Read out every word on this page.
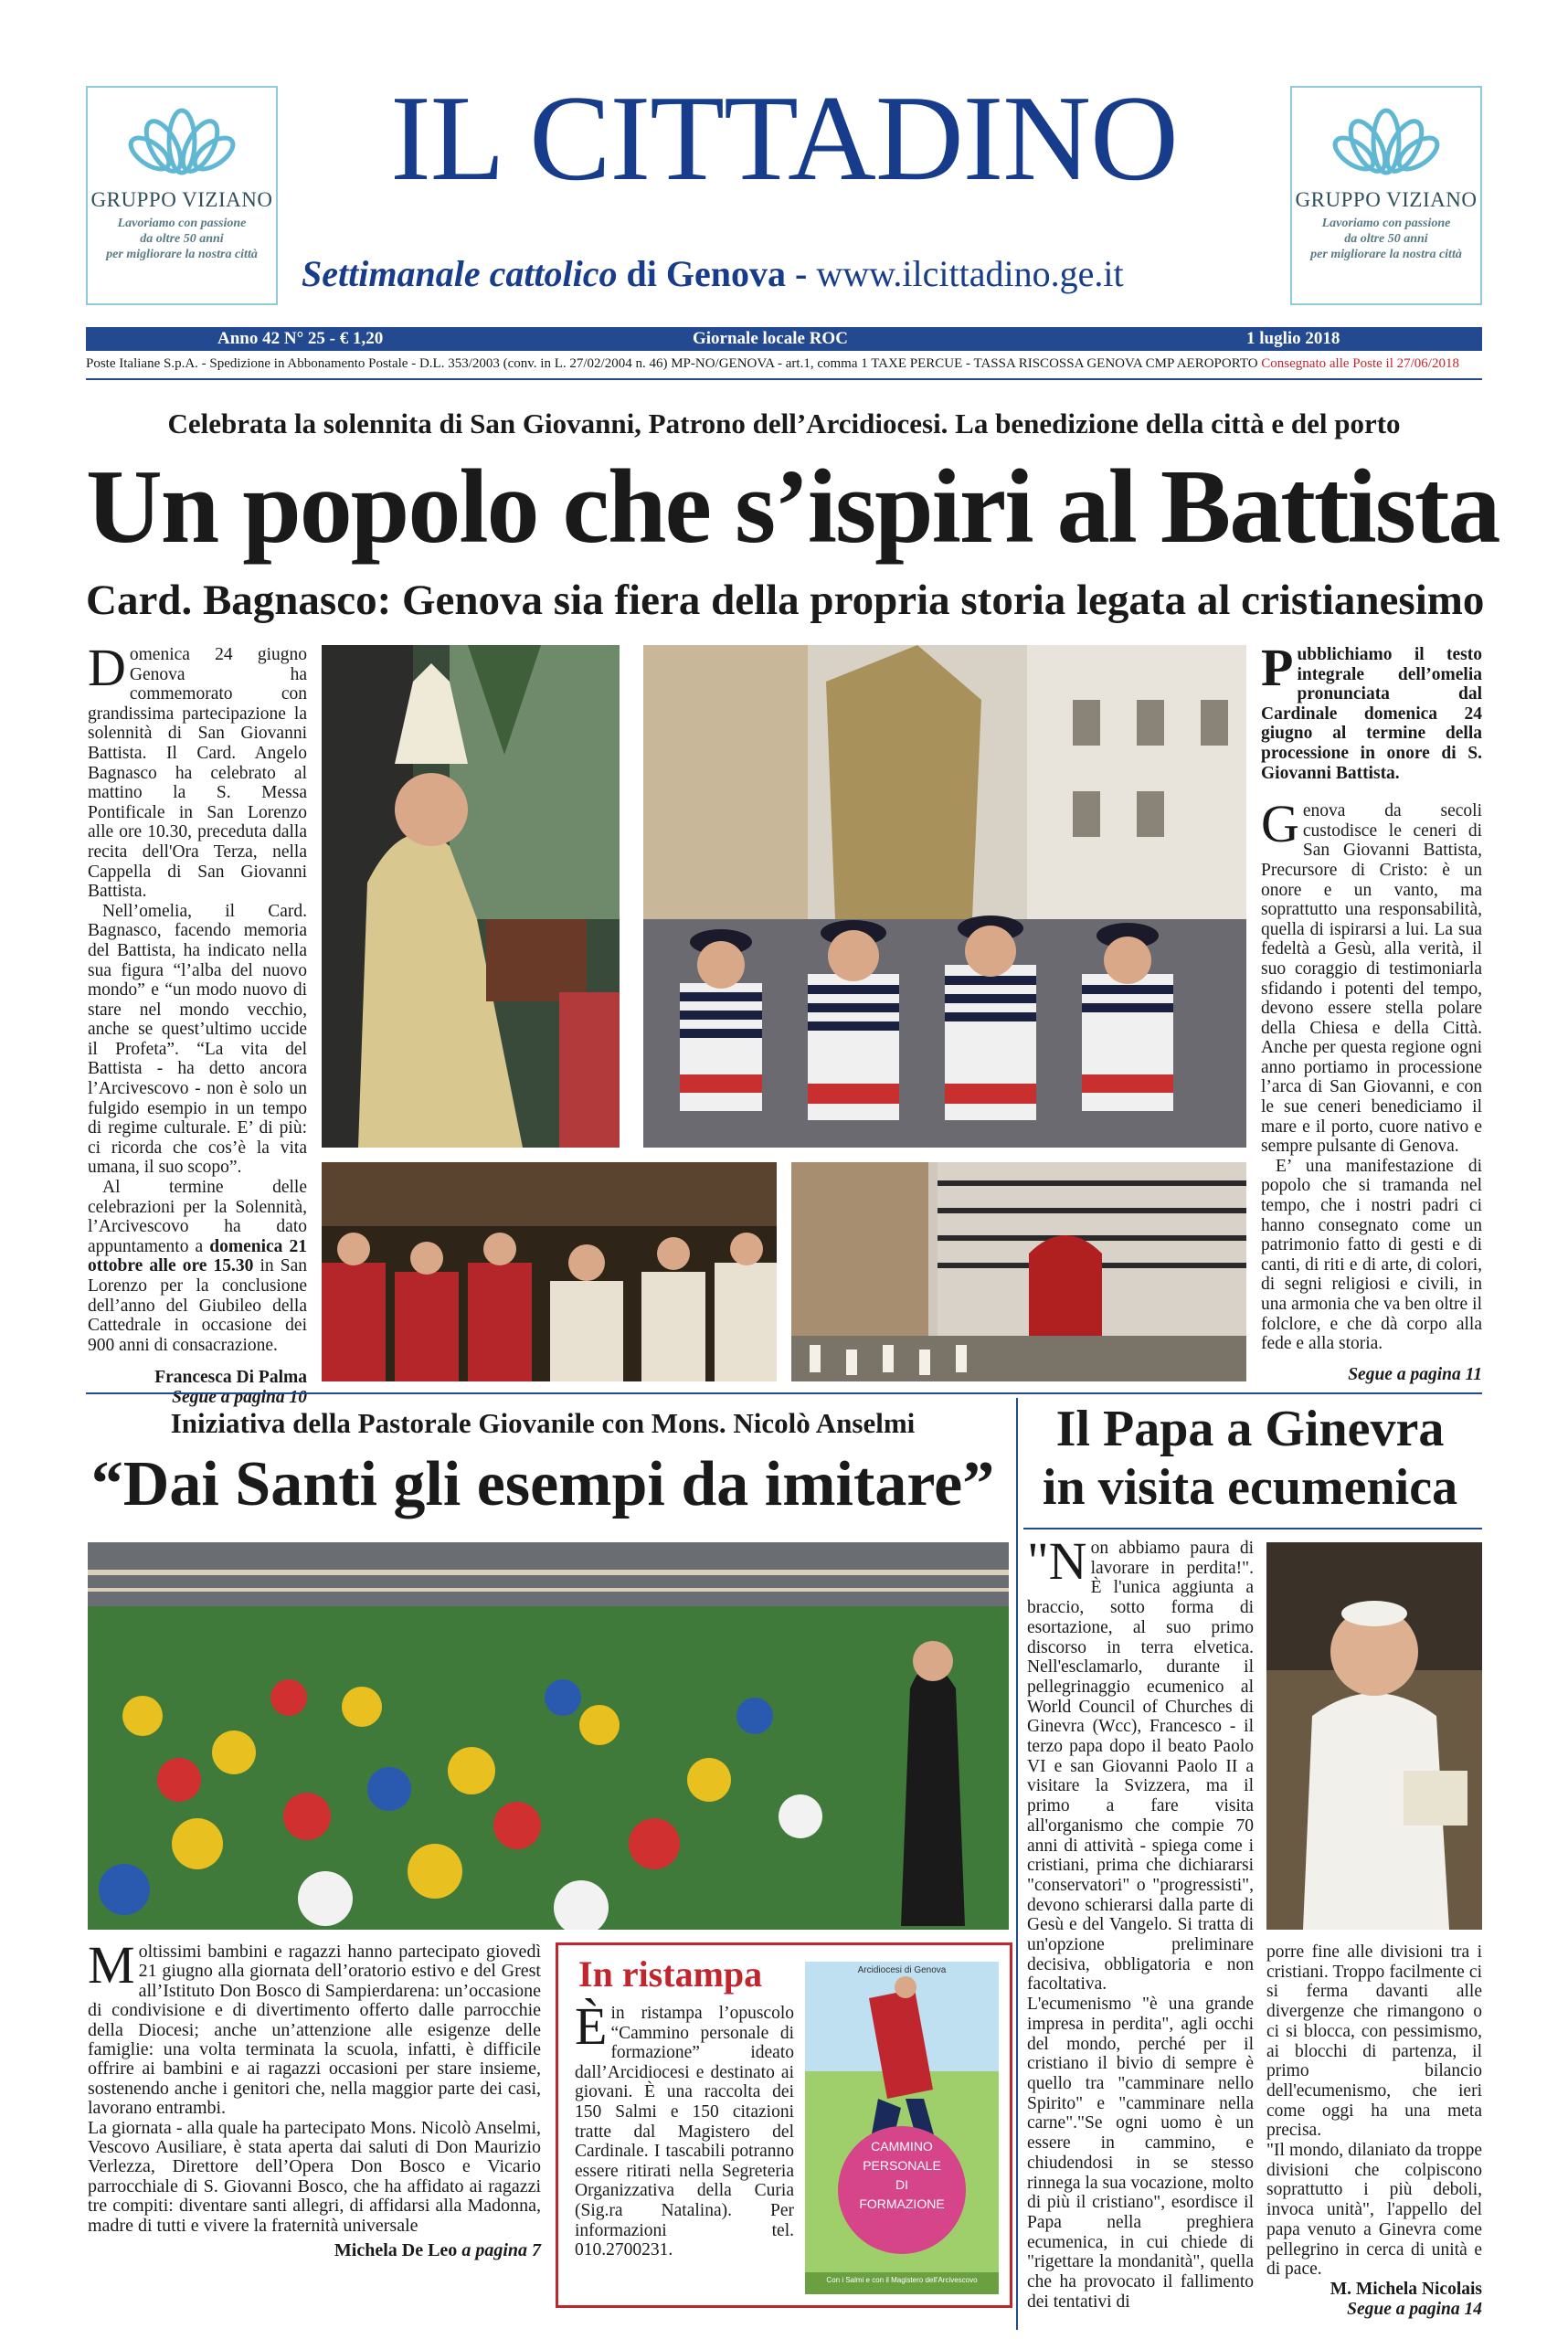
GRUPPO VIZIANO
Lavoriamo con passione
da oltre 50 anni
per migliorare la nostra città
GRUPPO VIZIANO
Lavoriamo con passione
da oltre 50 anni
per migliorare la nostra città
IL CITTADINO
Settimanale cattolico di Genova - www.ilcittadino.ge.it
Anno 42 N° 25 - € 1,20	Giornale locale ROC	1 luglio 2018
Poste Italiane S.p.A. - Spedizione in Abbonamento Postale - D.L. 353/2003 (conv. in L. 27/02/2004 n. 46) MP-NO/GENOVA - art.1, comma 1 TAXE PERCUE - TASSA RISCOSSA GENOVA CMP AEROPORTO Consegnato alle Poste il 27/06/2018
Celebrata la solennita di San Giovanni, Patrono dell’Arcidiocesi. La benedizione della città e del porto
Un popolo che s’ispiri al Battista
Card. Bagnasco: Genova sia fiera della propria storia legata al cristianesimo

Domenica 24 giugno Genova ha commemorato con grandissima partecipazione la solennità di San Giovanni Battista. Il Card. Angelo Bagnasco ha celebrato al mattino la S. Messa Pontificale in San Lorenzo alle ore 10.30, preceduta dalla recita dell'Ora Terza, nella Cappella di San Giovanni Battista.

Nell’omelia, il Card. Bagnasco, facendo memoria del Battista, ha indicato nella sua figura “l’alba del nuovo mondo” e “un modo nuovo di stare nel mondo vecchio, anche se quest’ultimo uccide il Profeta”. “La vita del Battista - ha detto ancora l’Arcivescovo - non è solo un fulgido esempio in un tempo di regime culturale. E’ di più: ci ricorda che cos’è la vita umana, il suo scopo”.

Al termine delle celebrazioni per la Solennità, l’Arcivescovo ha dato appuntamento a domenica 21 ottobre alle ore 15.30 in San Lorenzo per la conclusione dell’anno del Giubileo della Cattedrale in occasione dei 900 anni di consacrazione.

Francesca Di Palma

Segue a pagina 10

Pubblichiamo il testo integrale dell’omelia pronunciata dal Cardinale domenica 24 giugno al termine della processione in onore di S. Giovanni Battista.

Genova da secoli custodisce le ceneri di San Giovanni Battista, Precursore di Cristo: è un onore e un vanto, ma soprattutto una responsabilità, quella di ispirarsi a lui. La sua fedeltà a Gesù, alla verità, il suo coraggio di testimoniarla sfidando i potenti del tempo, devono essere stella polare della Chiesa e della Città. Anche per questa regione ogni anno portiamo in processione l’arca di San Giovanni, e con le sue ceneri benediciamo il mare e il porto, cuore nativo e sempre pulsante di Genova.

E’ una manifestazione di popolo che si tramanda nel tempo, che i nostri padri ci hanno consegnato come un patrimonio fatto di gesti e di canti, di riti e di arte, di colori, di segni religiosi e civili, in una armonia che va ben oltre il folclore, e che dà corpo alla fede e alla storia.

Segue a pagina 11

Iniziativa della Pastorale Giovanile con Mons. Nicolò Anselmi
“Dai Santi gli esempi da imitare”

Moltissimi bambini e ragazzi hanno partecipato giovedì 21 giugno alla giornata dell’oratorio estivo e del Grest all’Istituto Don Bosco di Sampierdarena: un’occasione di condivisione e di divertimento offerto dalle parrocchie della Diocesi; anche un’attenzione alle esigenze delle famiglie: una volta terminata la scuola, infatti, è difficile offrire ai bambini e ai ragazzi occasioni per stare insieme, sostenendo anche i genitori che, nella maggior parte dei casi, lavorano entrambi.

La giornata - alla quale ha partecipato Mons. Nicolò Anselmi, Vescovo Ausiliare, è stata aperta dai saluti di Don Maurizio Verlezza, Direttore dell’Opera Don Bosco e Vicario parrocchiale di S. Giovanni Bosco, che ha affidato ai ragazzi tre compiti: diventare santi allegri, di affidarsi alla Madonna, madre di tutti e vivere la fraternità universale

Michela De Leo a pagina 7

In ristampa

Èin ristampa l’opuscolo “Cammino personale di formazione” ideato dall’Arcidiocesi e destinato ai giovani. È una raccolta dei 150 Salmi e 150 citazioni tratte dal Magistero del Cardinale. I tascabili potranno essere ritirati nella Segreteria Organizzativa della Curia (Sig.ra Natalina). Per informazioni tel. 010.2700231.

Arcidiocesi di Genova
CAMMINO PERSONALE DI FORMAZIONE
Con i Salmi e con il Magistero dell'Arcivescovo
Il Papa a Ginevra
in visita ecumenica

"Non abbiamo paura di lavorare in perdita!". È l'unica aggiunta a braccio, sotto forma di esortazione, al suo primo discorso in terra elvetica. Nell'esclamarlo, durante il pellegrinaggio ecumenico al World Council of Churches di Ginevra (Wcc), Francesco - il terzo papa dopo il beato Paolo VI e san Giovanni Paolo II a visitare la Svizzera, ma il primo a fare visita all'organismo che compie 70 anni di attività - spiega come i cristiani, prima che dichiararsi "conservatori" o "progressisti", devono schierarsi dalla parte di Gesù e del Vangelo. Si tratta di un'opzione preliminare decisiva, obbligatoria e non facoltativa.

L'ecumenismo "è una grande impresa in perdita", agli occhi del mondo, perché per il cristiano il bivio di sempre è quello tra "camminare nello Spirito" e "camminare nella carne"."Se ogni uomo è un essere in cammino, e chiudendosi in se stesso rinnega la sua vocazione, molto di più il cristiano", esordisce il Papa nella preghiera ecumenica, in cui chiede di "rigettare la mondanità", quella che ha provocato il fallimento dei tentativi di

porre fine alle divisioni tra i cristiani. Troppo facilmente ci si ferma davanti alle divergenze che rimangono o ci si blocca, con pessimismo, ai blocchi di partenza, il primo bilancio dell'ecumenismo, che ieri come oggi ha una meta precisa.

"Il mondo, dilaniato da troppe divisioni che colpiscono soprattutto i più deboli, invoca unità", l'appello del papa venuto a Ginevra come pellegrino in cerca di unità e di pace.

M. Michela Nicolais

Segue a pagina 14
